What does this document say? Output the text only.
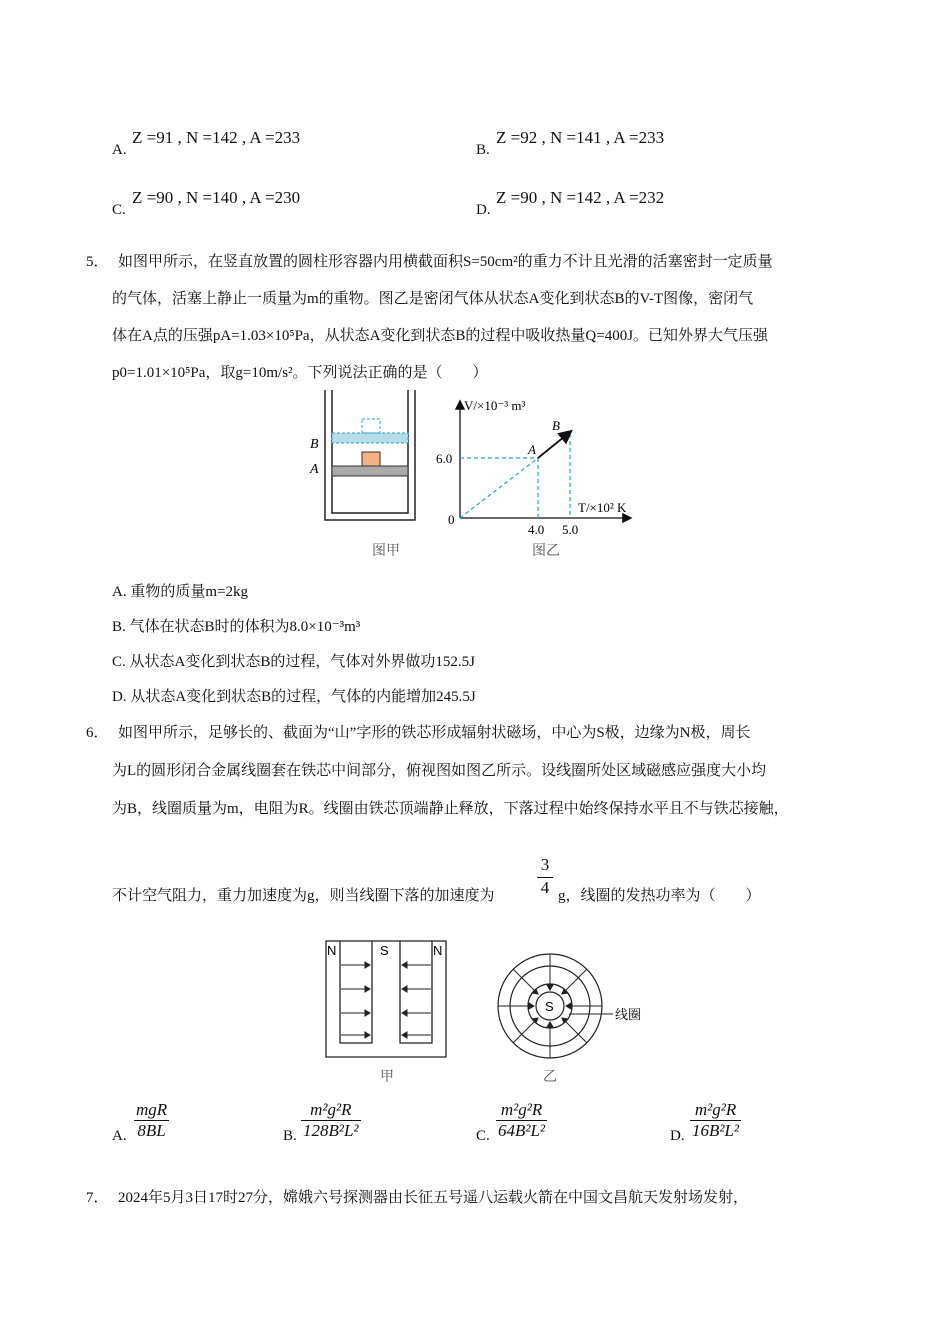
A.
Z =91 , N =142 , A =233
B.
Z =92 , N =141 , A =233
C.
Z =90 , N =140 , A =230
D.
Z =90 , N =142 , A =232
5． 如图甲所示，在竖直放置的圆柱形容器内用横截面积S=50cm²的重力不计且光滑的活塞密封一定质量
的气体，活塞上静止一质量为m的重物。图乙是密闭气体从状态A变化到状态B的V-T图像，密闭气
体在A点的压强pA=1.03×10⁵Pa，从状态A变化到状态B的过程中吸收热量Q=400J。已知外界大气压强
p0=1.01×10⁵Pa，取g=10m/s²。下列说法正确的是（　　）
B
A
图甲
V/×10⁻³ m³
T/×10² K
0
6.0
4.0 5.0
A
B
图乙
A. 重物的质量m=2kg
B. 气体在状态B时的体积为8.0×10⁻³m³
C. 从状态A变化到状态B的过程，气体对外界做功152.5J
D. 从状态A变化到状态B的过程，气体的内能增加245.5J
6． 如图甲所示，足够长的、截面为“山”字形的铁芯形成辐射状磁场，中心为S极，边缘为N极，周长
为L的圆形闭合金属线圈套在铁芯中间部分，俯视图如图乙所示。设线圈所处区域磁感应强度大小均
为B，线圈质量为m，电阻为R。线圈由铁芯顶端静止释放，下落过程中始终保持水平且不与铁芯接触，
不计空气阻力，重力加速度为g，则当线圈下落的加速度为 $\frac{3}{4}$ g，线圈的发热功率为（　　）
N	S	N
甲
S
线圈
乙
A.
mgR
8BL	B. $\frac{\text{m²g²R}}{\text{128B²L²}}$	C. $\frac{\text{m²g²R}}{\text{64B²L²}}$	D. $\frac{\text{m²g²R}}{\text{16B²L²}}$
7． 2024年5月3日17时27分，嫦娥六号探测器由长征五号遥八运载火箭在中国文昌航天发射场发射，
